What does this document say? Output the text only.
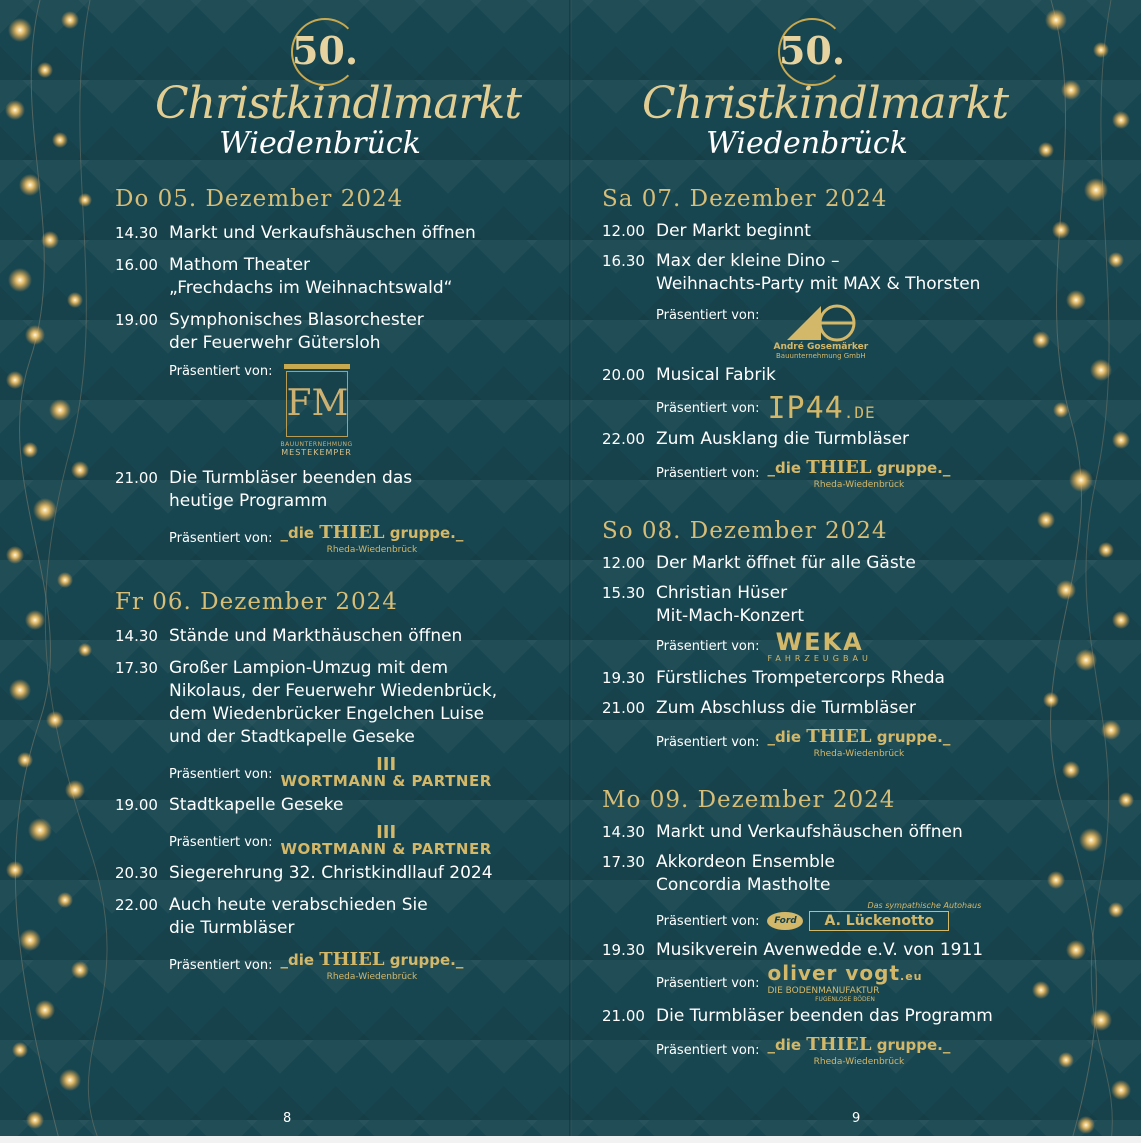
50.
Christkindlmarkt
Wiedenbrück
Do 05. Dezember 2024
14.30 Markt und Verkaufshäuschen öffnen
16.00 Mathom Theater
„Frechdachs im Weihnachtswald“
19.00 Symphonisches Blasorchester
der Feuerwehr Gütersloh
Präsentiert von:
FM
BAUUNTERNEHMUNG
MESTEKEMPER
21.00 Die Turmbläser beenden das
heutige Programm
Präsentiert von: _die THIEL gruppe._
Rheda-Wiedenbrück
Fr 06. Dezember 2024
14.30 Stände und Markthäuschen öffnen
17.30 Großer Lampion-Umzug mit dem
Nikolaus, der Feuerwehr Wiedenbrück,
dem Wiedenbrücker Engelchen Luise
und der Stadtkapelle Geseke
Präsentiert von:	III
WORTMANN & PARTNER
19.00 Stadtkapelle Geseke
Präsentiert von:	III
WORTMANN & PARTNER
20.30 Siegerehrung 32. Christkindllauf 2024
22.00 Auch heute verabschieden Sie
die Turmbläser
Präsentiert von: _die THIEL gruppe._
Rheda-Wiedenbrück
8
50.
Christkindlmarkt
Wiedenbrück
Sa 07. Dezember 2024
12.00 Der Markt beginnt
16.30 Max der kleine Dino –
Weihnachts-Party mit MAX & Thorsten
Präsentiert von:
André Gosemärker
Bauunternehmung GmbH
20.00 Musical Fabrik
Präsentiert von: IP44.DE
22.00 Zum Ausklang die Turmbläser
Präsentiert von: _die THIEL gruppe._
Rheda-Wiedenbrück
So 08. Dezember 2024
12.00 Der Markt öffnet für alle Gäste
15.30 Christian Hüser
Mit-Mach-Konzert
Präsentiert von: WEKA
FAHRZEUGBAU
19.30 Fürstliches Trompetercorps Rheda
21.00 Zum Abschluss die Turmbläser
Präsentiert von: _die THIEL gruppe._
Rheda-Wiedenbrück
Mo 09. Dezember 2024
14.30 Markt und Verkaufshäuschen öffnen
17.30 Akkordeon Ensemble
Concordia Mastholte
Präsentiert von:	Ford	A. Lückenotto
Das sympathische Autohaus
19.30 Musikverein Avenwedde e.V. von 1911
Präsentiert von: oliver vogt.eu
DIE BODENMANUFAKTUR
FUGENLOSE BÖDEN
21.00 Die Turmbläser beenden das Programm
Präsentiert von: _die THIEL gruppe._
Rheda-Wiedenbrück
9
